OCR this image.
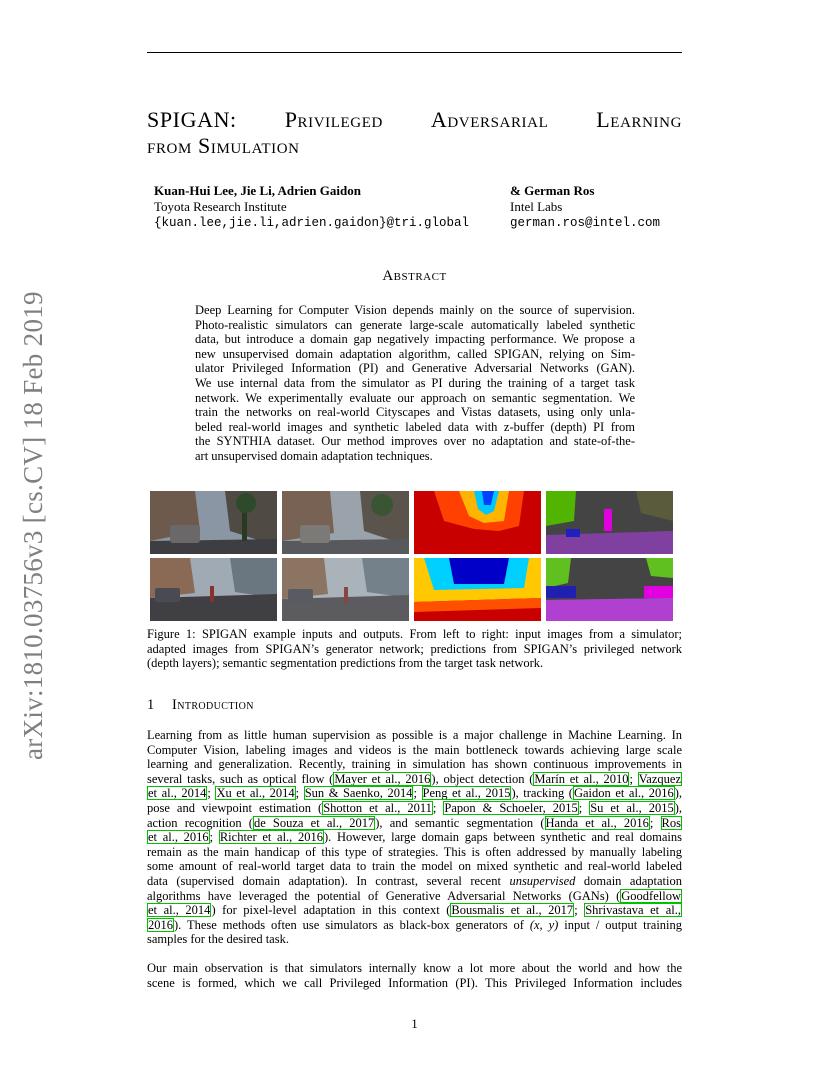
arXiv:1810.03756v3 [cs.CV] 18 Feb 2019
SPIGAN: Privileged Adversarial Learning
from Simulation
Kuan-Hui Lee, Jie Li, Adrien Gaidon
Toyota Research Institute
{kuan.lee,jie.li,adrien.gaidon}@tri.global
& German Ros
Intel Labs
german.ros@intel.com
Abstract
Deep Learning for Computer Vision depends mainly on the source of supervision.
Photo-realistic simulators can generate large-scale automatically labeled synthetic
data, but introduce a domain gap negatively impacting performance. We propose a
new unsupervised domain adaptation algorithm, called SPIGAN, relying on Sim-
ulator Privileged Information (PI) and Generative Adversarial Networks (GAN).
We use internal data from the simulator as PI during the training of a target task
network. We experimentally evaluate our approach on semantic segmentation. We
train the networks on real-world Cityscapes and Vistas datasets, using only unla-
beled real-world images and synthetic labeled data with z-buffer (depth) PI from
the SYNTHIA dataset. Our method improves over no adaptation and state-of-the-
art unsupervised domain adaptation techniques.
Figure 1: SPIGAN example inputs and outputs. From left to right: input images from a simulator;
adapted images from SPIGAN’s generator network; predictions from SPIGAN’s privileged network
(depth layers); semantic segmentation predictions from the target task network.
1 Introduction
Learning from as little human supervision as possible is a major challenge in Machine Learning. In
Computer Vision, labeling images and videos is the main bottleneck towards achieving large scale
learning and generalization. Recently, training in simulation has shown continuous improvements in
several tasks, such as optical flow (Mayer et al., 2016), object detection (Marín et al., 2010; Vazquez
et al., 2014; Xu et al., 2014; Sun & Saenko, 2014; Peng et al., 2015), tracking (Gaidon et al., 2016),
pose and viewpoint estimation (Shotton et al., 2011; Papon & Schoeler, 2015; Su et al., 2015),
action recognition (de Souza et al., 2017), and semantic segmentation (Handa et al., 2016; Ros
et al., 2016; Richter et al., 2016). However, large domain gaps between synthetic and real domains
remain as the main handicap of this type of strategies. This is often addressed by manually labeling
some amount of real-world target data to train the model on mixed synthetic and real-world labeled
data (supervised domain adaptation). In contrast, several recent unsupervised domain adaptation
algorithms have leveraged the potential of Generative Adversarial Networks (GANs) (Goodfellow
et al., 2014) for pixel-level adaptation in this context (Bousmalis et al., 2017; Shrivastava et al.,
2016). These methods often use simulators as black-box generators of (x, y) input / output training
samples for the desired task.
Our main observation is that simulators internally know a lot more about the world and how the
scene is formed, which we call Privileged Information (PI). This Privileged Information includes
1
